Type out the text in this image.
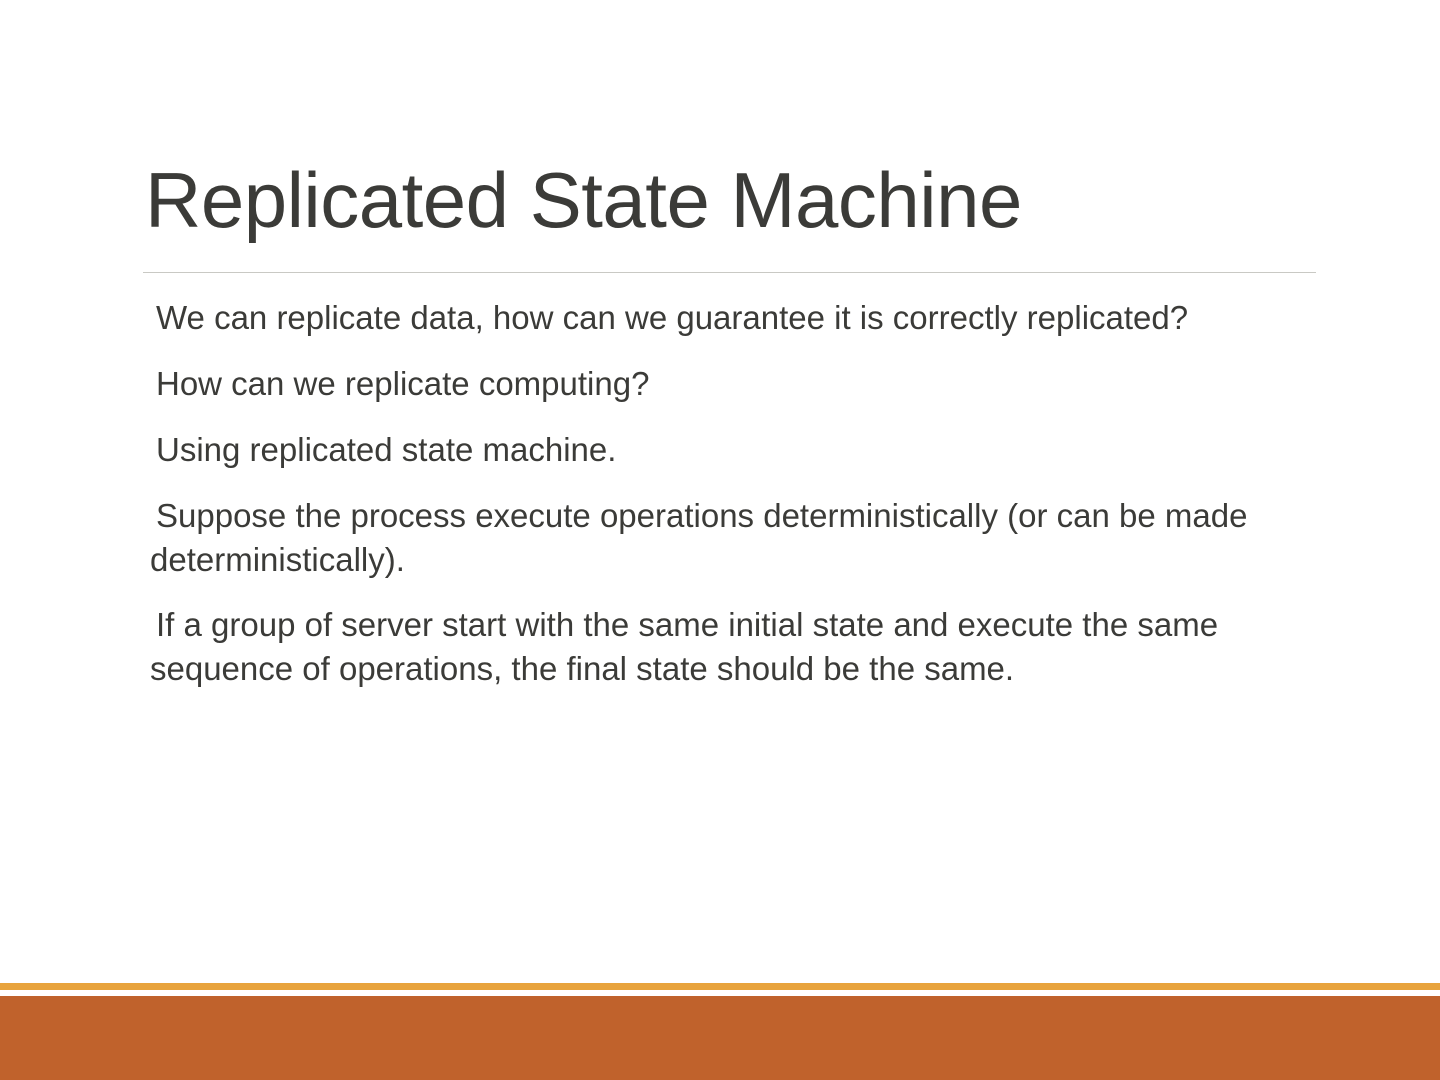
Replicated State Machine

We can replicate data, how can we guarantee it is correctly replicated?

How can we replicate computing?

Using replicated state machine.

Suppose the process execute operations deterministically (or can be made deterministically).

If a group of server start with the same initial state and execute the same sequence of operations, the final state should be the same.
